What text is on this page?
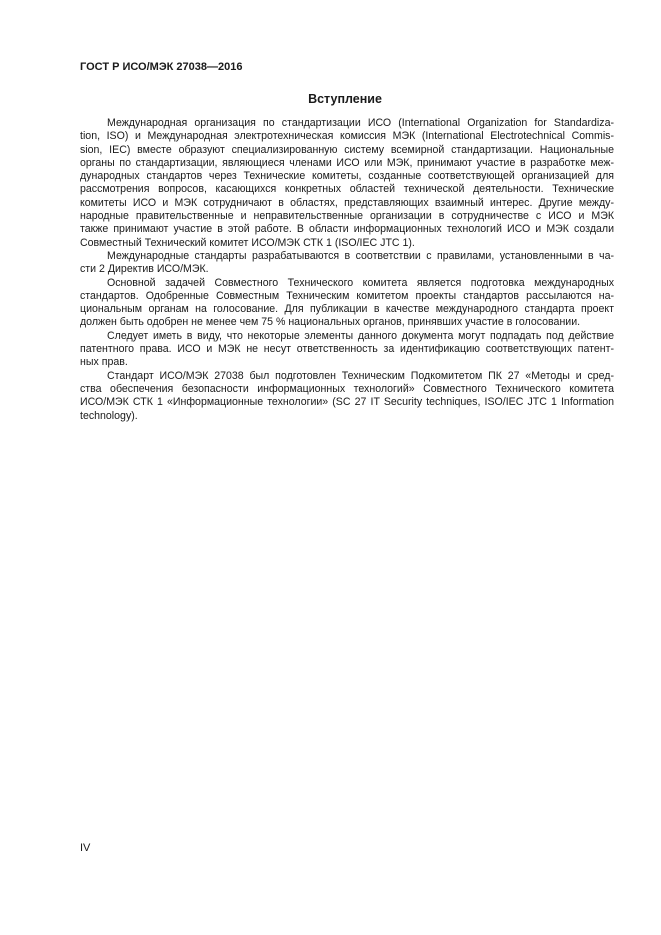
ГОСТ Р ИСО/МЭК 27038—2016
Вступление
Международная организация по стандартизации ИСО (International Organization for Standardiza-
tion, ISO) и Международная электротехническая комиссия МЭК (International Electrotechnical Commis-
sion, IEC) вместе образуют специализированную систему всемирной стандартизации. Национальные
органы по стандартизации, являющиеся членами ИСО или МЭК, принимают участие в разработке меж-
дународных стандартов через Технические комитеты, созданные соответствующей организацией для
рассмотрения вопросов, касающихся конкретных областей технической деятельности. Технические
комитеты ИСО и МЭК сотрудничают в областях, представляющих взаимный интерес. Другие между-
народные правительственные и неправительственные организации в сотрудничестве с ИСО и МЭК
также принимают участие в этой работе. В области информационных технологий ИСО и МЭК создали
Совместный Технический комитет ИСО/МЭК СТК 1 (ISO/IEC JTC 1).
Международные стандарты разрабатываются в соответствии с правилами, установленными в ча-
сти 2 Директив ИСО/МЭК.
Основной задачей Совместного Технического комитета является подготовка международных
стандартов. Одобренные Совместным Техническим комитетом проекты стандартов рассылаются на-
циональным органам на голосование. Для публикации в качестве международного стандарта проект
должен быть одобрен не менее чем 75 % национальных органов, принявших участие в голосовании.
Следует иметь в виду, что некоторые элементы данного документа могут подпадать под действие
патентного права. ИСО и МЭК не несут ответственность за идентификацию соответствующих патент-
ных прав.
Стандарт ИСО/МЭК 27038 был подготовлен Техническим Подкомитетом ПК 27 «Методы и сред-
ства обеспечения безопасности информационных технологий» Совместного Технического комитета
ИСО/МЭК СТК 1 «Информационные технологии» (SC 27 IT Security techniques, ISO/IEC JTC 1 Information
technology).
IV
